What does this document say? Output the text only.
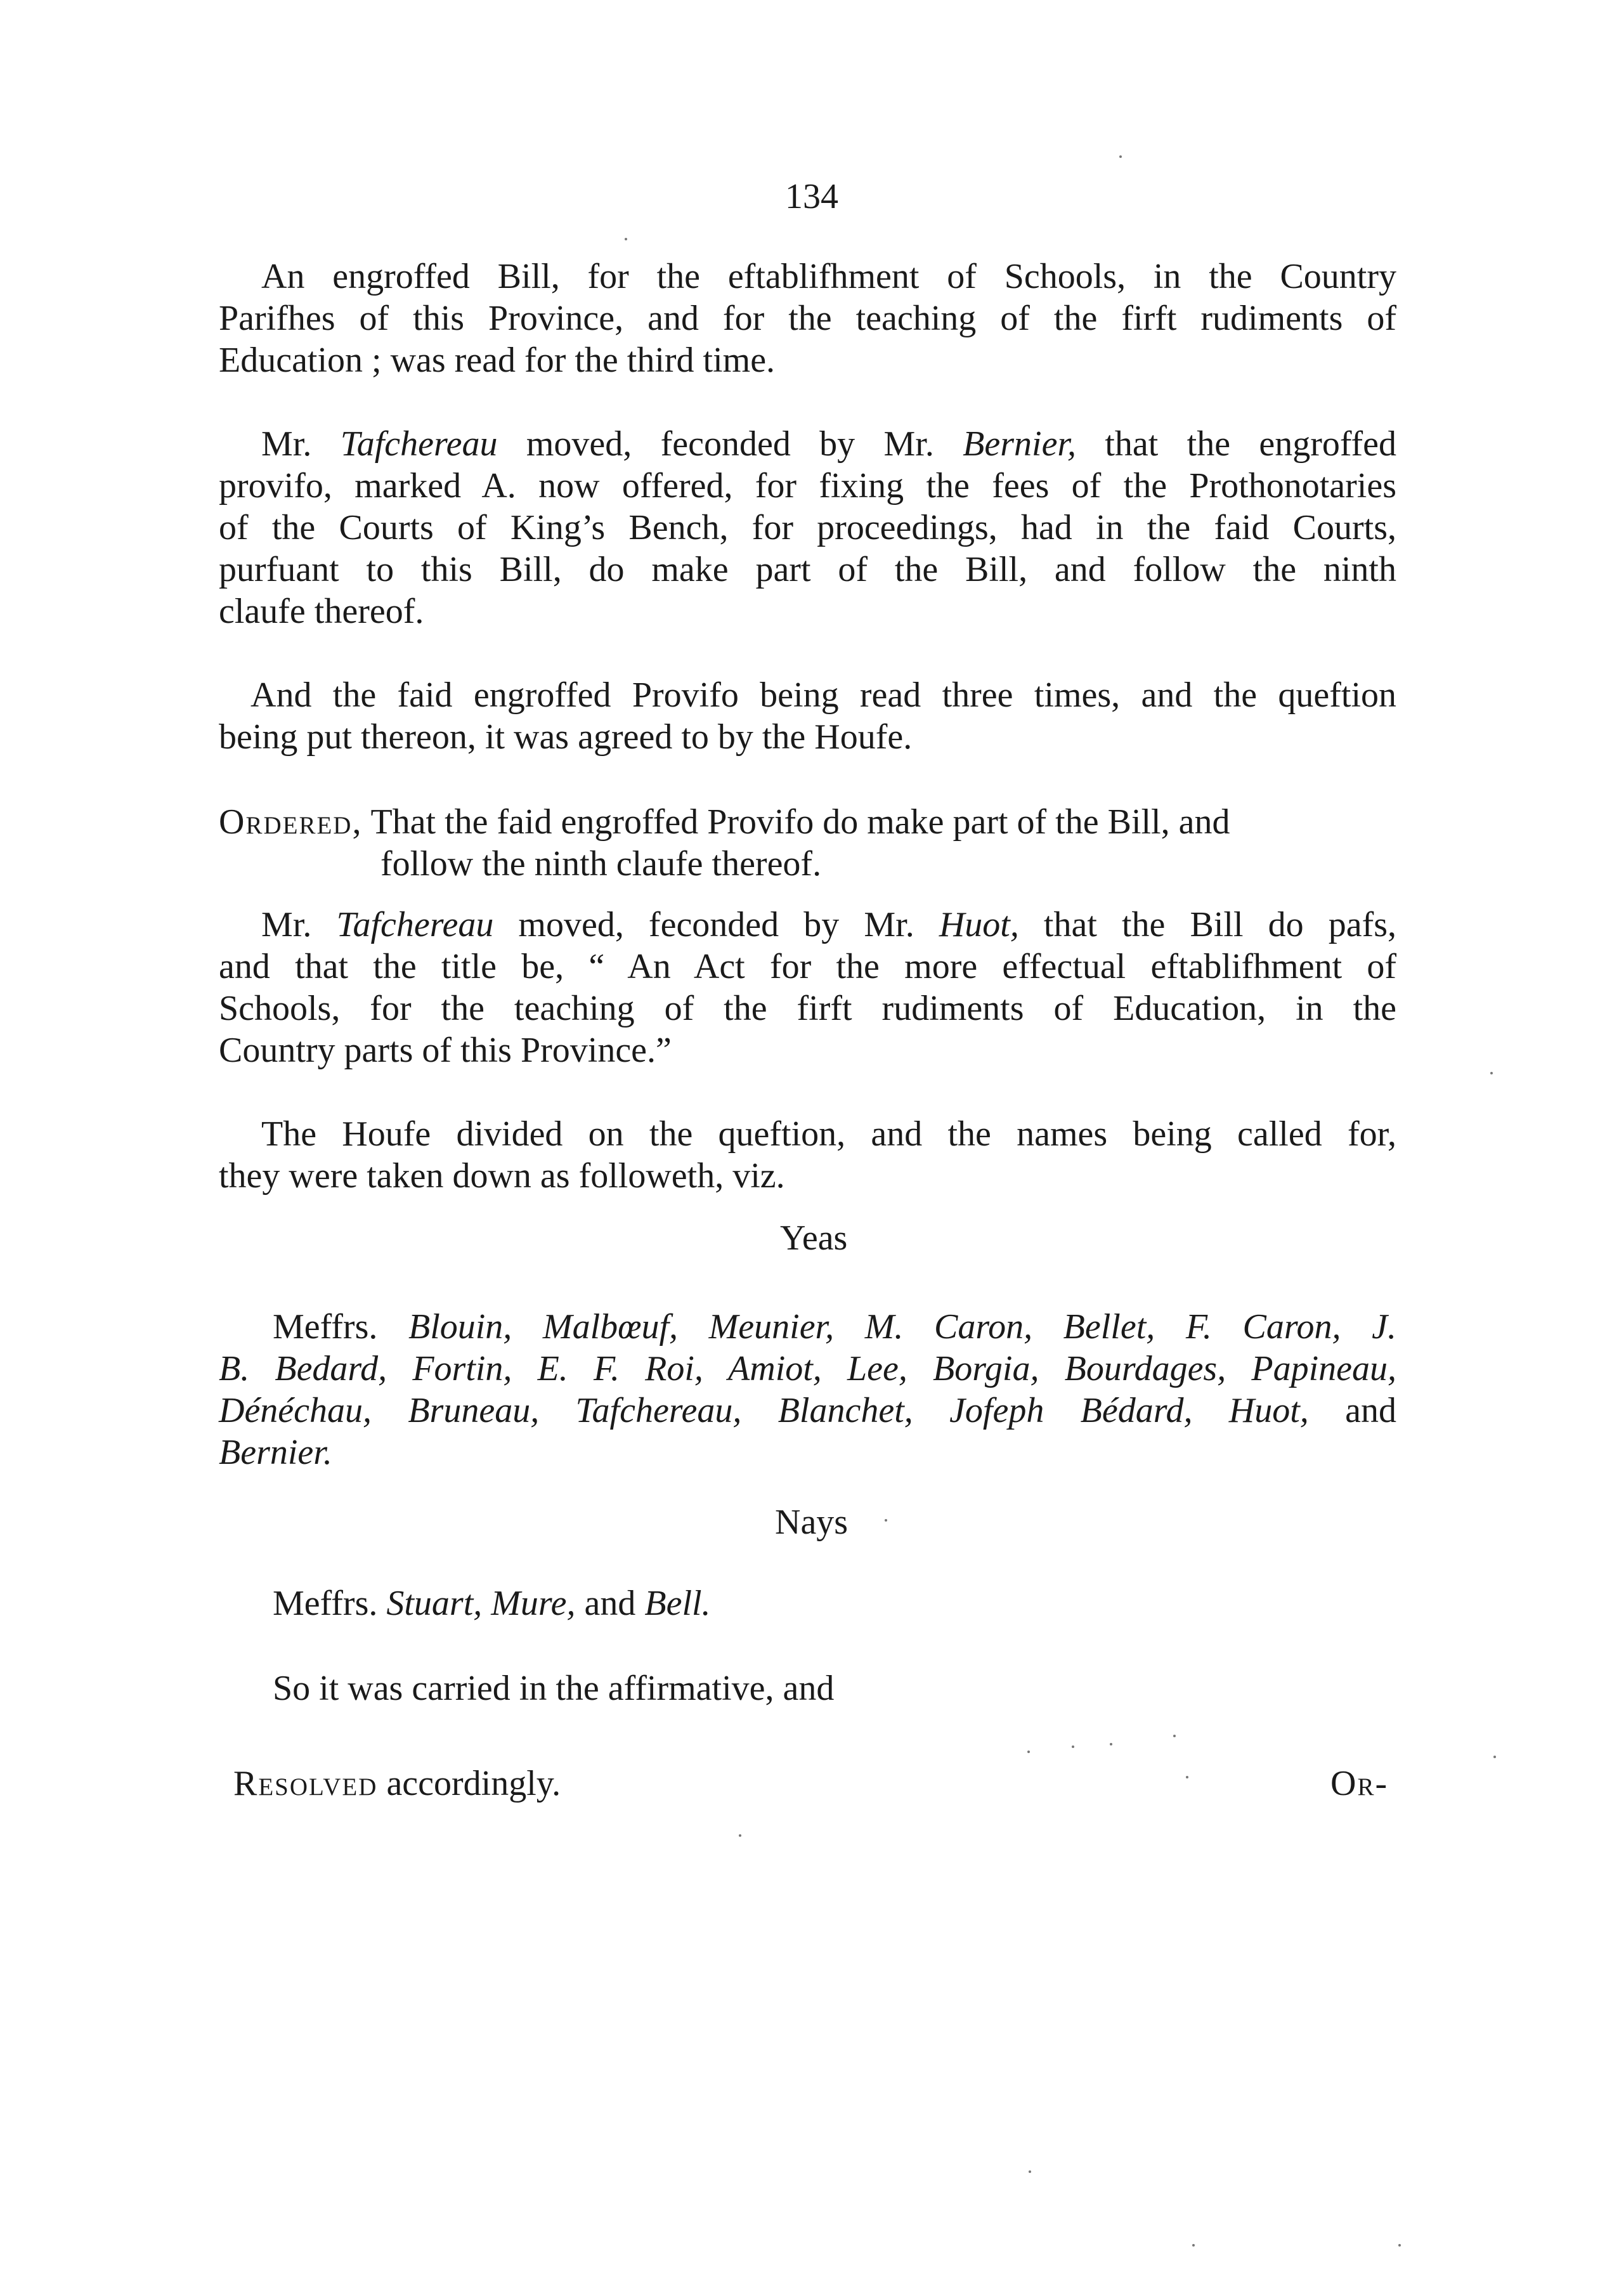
134
An engroffed Bill, for the eftablifhment of Schools, in the Country
Parifhes of this Province, and for the teaching of the firft rudiments of
Education ; was read for the third time.
Mr. Tafchereau moved, feconded by Mr. Bernier, that the engroffed
provifo, marked A. now offered, for fixing the fees of the Prothonotaries
of the Courts of King’s Bench, for proceedings, had in the faid Courts,
purfuant to this Bill, do make part of the Bill, and follow the ninth
claufe thereof.
And the faid engroffed Provifo being read three times, and the queftion
being put thereon, it was agreed to by the Houfe.
Ordered, That the faid engroffed Provifo do make part of the Bill, and
follow the ninth claufe thereof.
Mr. Tafchereau moved, feconded by Mr. Huot, that the Bill do pafs,
and that the title be, “ An Act for the more effectual eftablifhment of
Schools, for the teaching of the firft rudiments of Education, in the
Country parts of this Province.”
The Houfe divided on the queftion, and the names being called for,
they were taken down as followeth, viz.
Yeas
Meffrs. Blouin, Malbœuf, Meunier, M. Caron, Bellet, F. Caron, J.
B. Bedard, Fortin, E. F. Roi, Amiot, Lee, Borgia, Bourdages, Papineau,
Dénéchau, Bruneau, Tafchereau, Blanchet, Jofeph Bédard, Huot, and
Bernier.
Nays
Meffrs. Stuart, Mure, and Bell.
So it was carried in the affirmative, and
Resolved accordingly.	Or-
